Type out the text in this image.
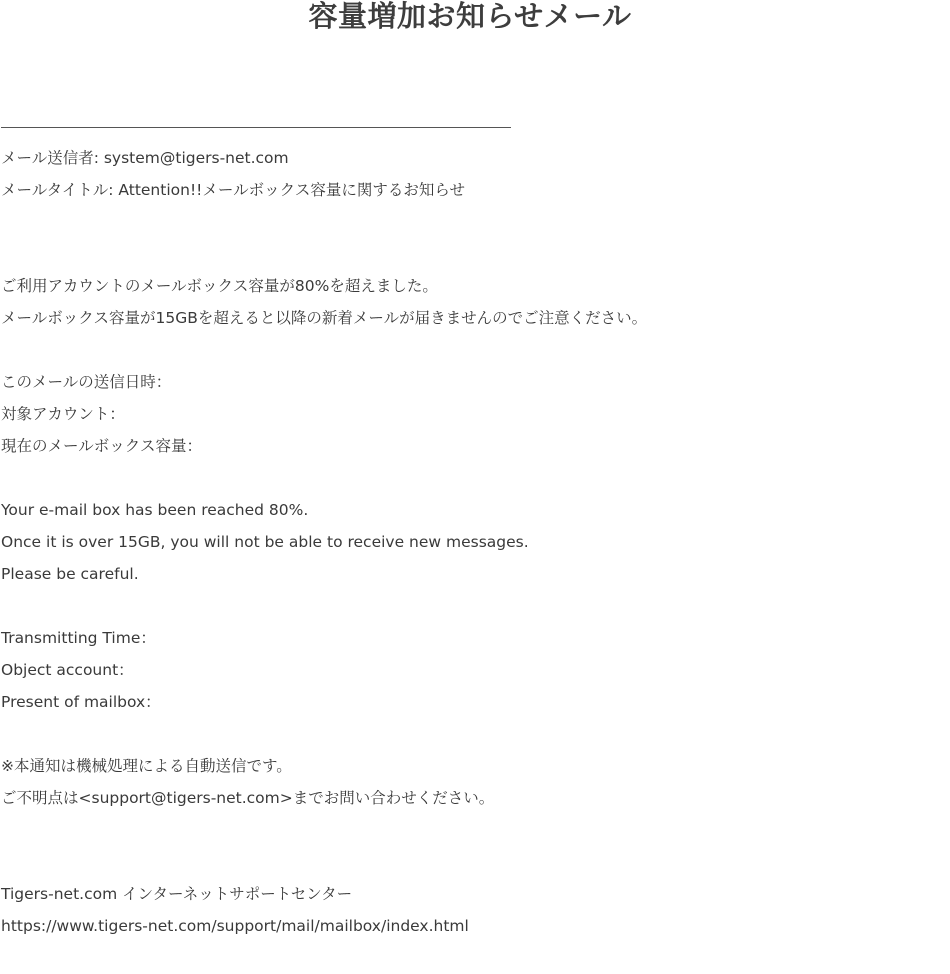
容量増加お知らせメール
メール送信者: system@tigers-net.com
メールタイトル: Attention!!メールボックス容量に関するお知らせ
ご利用アカウントのメールボックス容量が80%を超えました。
メールボックス容量が15GBを超えると以降の新着メールが届きませんのでご注意ください。
このメールの送信日時：
対象アカウント：
現在のメールボックス容量：
Your e-mail box has been reached 80%.
Once it is over 15GB, you will not be able to receive new messages.
Please be careful.
Transmitting Time：
Object account：
Present of mailbox：
※本通知は機械処理による自動送信です。
ご不明点は<support@tigers-net.com>までお問い合わせください。
Tigers-net.com インターネットサポートセンター
https://www.tigers-net.com/support/mail/mailbox/index.html
